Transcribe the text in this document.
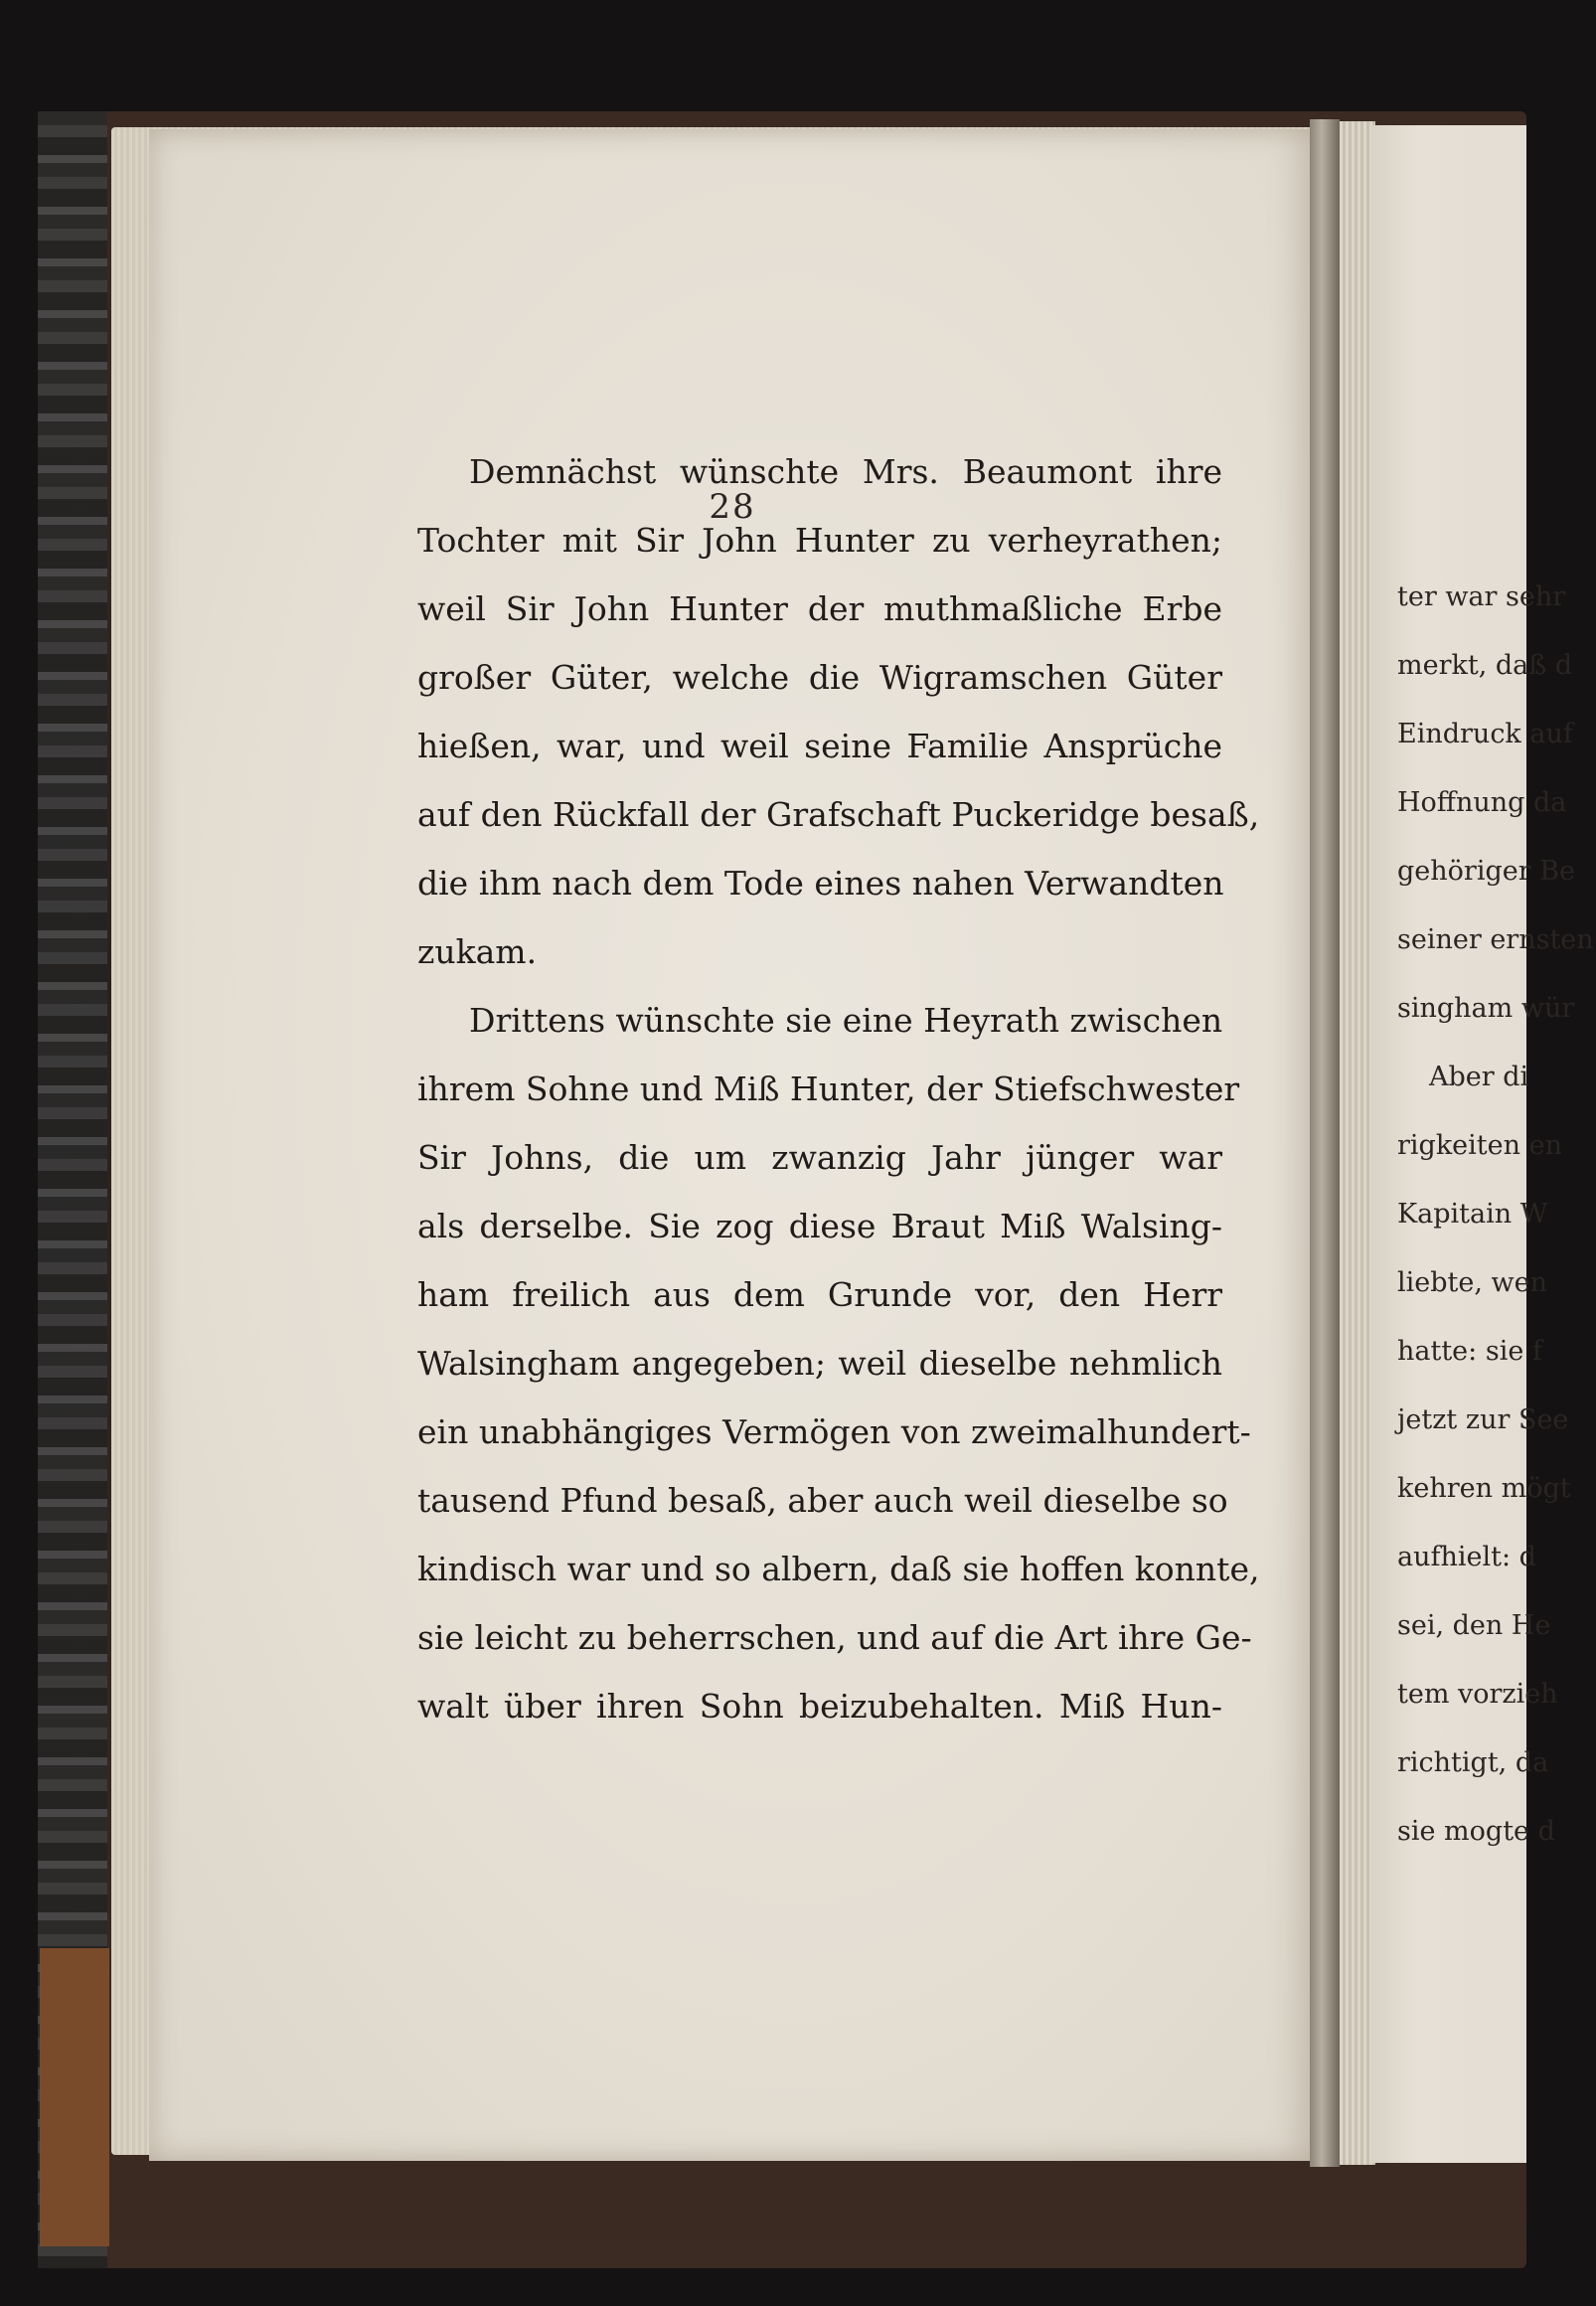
28
Demnächst wünschte Mrs. Beaumont ihre
Tochter mit Sir John Hunter zu verheyrathen;
weil Sir John Hunter der muthmaßliche Erbe
großer Güter, welche die Wigramschen Güter
hießen, war, und weil seine Familie Ansprüche
auf den Rückfall der Grafschaft Puckeridge besaß,
die ihm nach dem Tode eines nahen Verwandten
zukam.
Drittens wünschte sie eine Heyrath zwischen
ihrem Sohne und Miß Hunter, der Stiefschwester
Sir Johns, die um zwanzig Jahr jünger war
als derselbe. Sie zog diese Braut Miß Walsing-
ham freilich aus dem Grunde vor, den Herr
Walsingham angegeben; weil dieselbe nehmlich
ein unabhängiges Vermögen von zweimalhundert-
tausend Pfund besaß, aber auch weil dieselbe so
kindisch war und so albern, daß sie hoffen konnte,
sie leicht zu beherrschen, und auf die Art ihre Ge-
walt über ihren Sohn beizubehalten. Miß Hun-
ter war sehr
merkt, daß d
Eindruck auf
Hoffnung da
gehöriger Be
seiner ernsten
singham wür
Aber di
rigkeiten en
Kapitain W
liebte, wen
hatte: sie f
jetzt zur See
kehren mögt
aufhielt: d
sei, den He
tem vorzieh
richtigt, da
sie mogte d
